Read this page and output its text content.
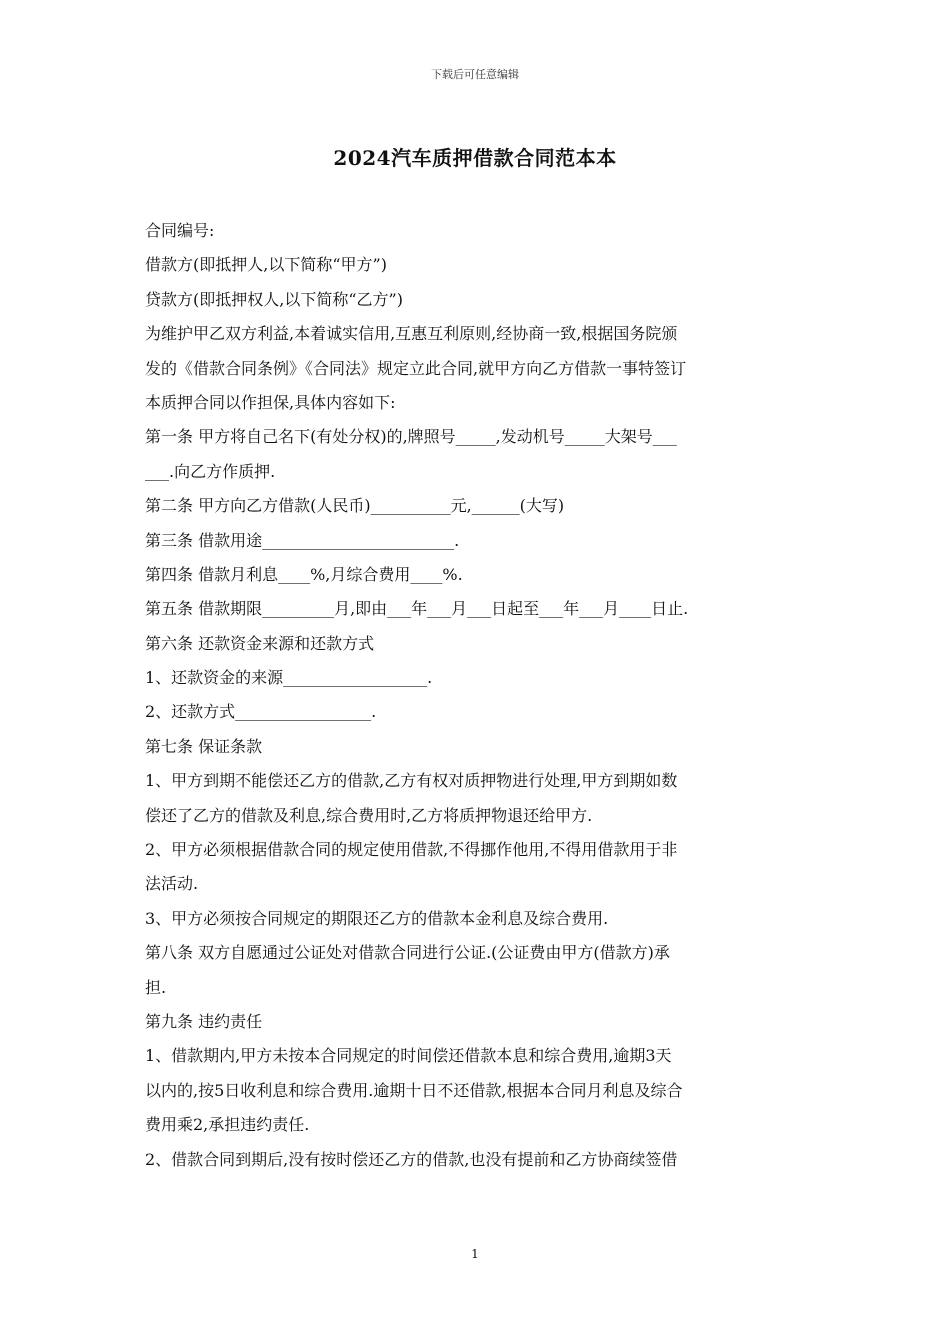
下载后可任意编辑
2024汽车质押借款合同范本本
合同编号:
借款方(即抵押人,以下简称“甲方”)
贷款方(即抵押权人,以下简称“乙方”)
为维护甲乙双方利益,本着诚实信用,互惠互利原则,经协商一致,根据国务院颁
发的《借款合同条例》《合同法》规定立此合同,就甲方向乙方借款一事特签订
本质押合同以作担保,具体内容如下:
第一条 甲方将自己名下(有处分权)的,牌照号_____,发动机号_____大架号___
___.向乙方作质押.
第二条 甲方向乙方借款(人民币)__________元,______(大写)
第三条 借款用途________________________.
第四条 借款月利息____%,月综合费用____%.
第五条 借款期限_________月,即由___年___月___日起至___年___月____日止.
第六条 还款资金来源和还款方式
1、还款资金的来源__________________.
2、还款方式_________________.
第七条 保证条款
1、甲方到期不能偿还乙方的借款,乙方有权对质押物进行处理,甲方到期如数
偿还了乙方的借款及利息,综合费用时,乙方将质押物退还给甲方.
2、甲方必须根据借款合同的规定使用借款,不得挪作他用,不得用借款用于非
法活动.
3、甲方必须按合同规定的期限还乙方的借款本金利息及综合费用.
第八条 双方自愿通过公证处对借款合同进行公证.(公证费由甲方(借款方)承
担.
第九条 违约责任
1、借款期内,甲方未按本合同规定的时间偿还借款本息和综合费用,逾期3天
以内的,按5日收利息和综合费用.逾期十日不还借款,根据本合同月利息及综合
费用乘2,承担违约责任.
2、借款合同到期后,没有按时偿还乙方的借款,也没有提前和乙方协商续签借
1
